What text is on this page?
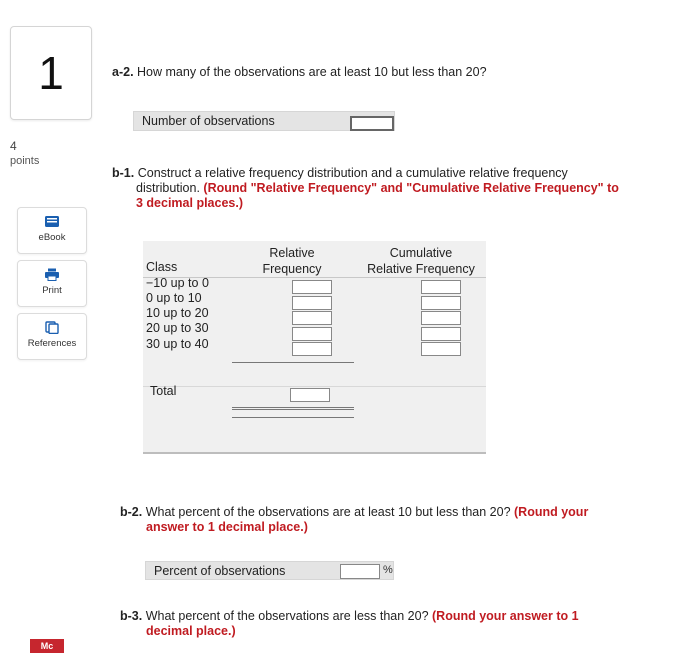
1
4
points
eBook
Print
References
Mc
a-2. How many of the observations are at least 10 but less than 20?
Number of observations
b-1. Construct a relative frequency distribution and a cumulative relative frequency
distribution. (Round "Relative Frequency" and "Cumulative Relative Frequency" to
3 decimal places.)
Relative
Frequency
Cumulative
Relative Frequency
Class
−10 up to 0
0 up to 10
10 up to 20
20 up to 30
30 up to 40
Total
b-2. What percent of the observations are at least 10 but less than 20? (Round your
answer to 1 decimal place.)
Percent of observations	%
b-3. What percent of the observations are less than 20? (Round your answer to 1
decimal place.)
